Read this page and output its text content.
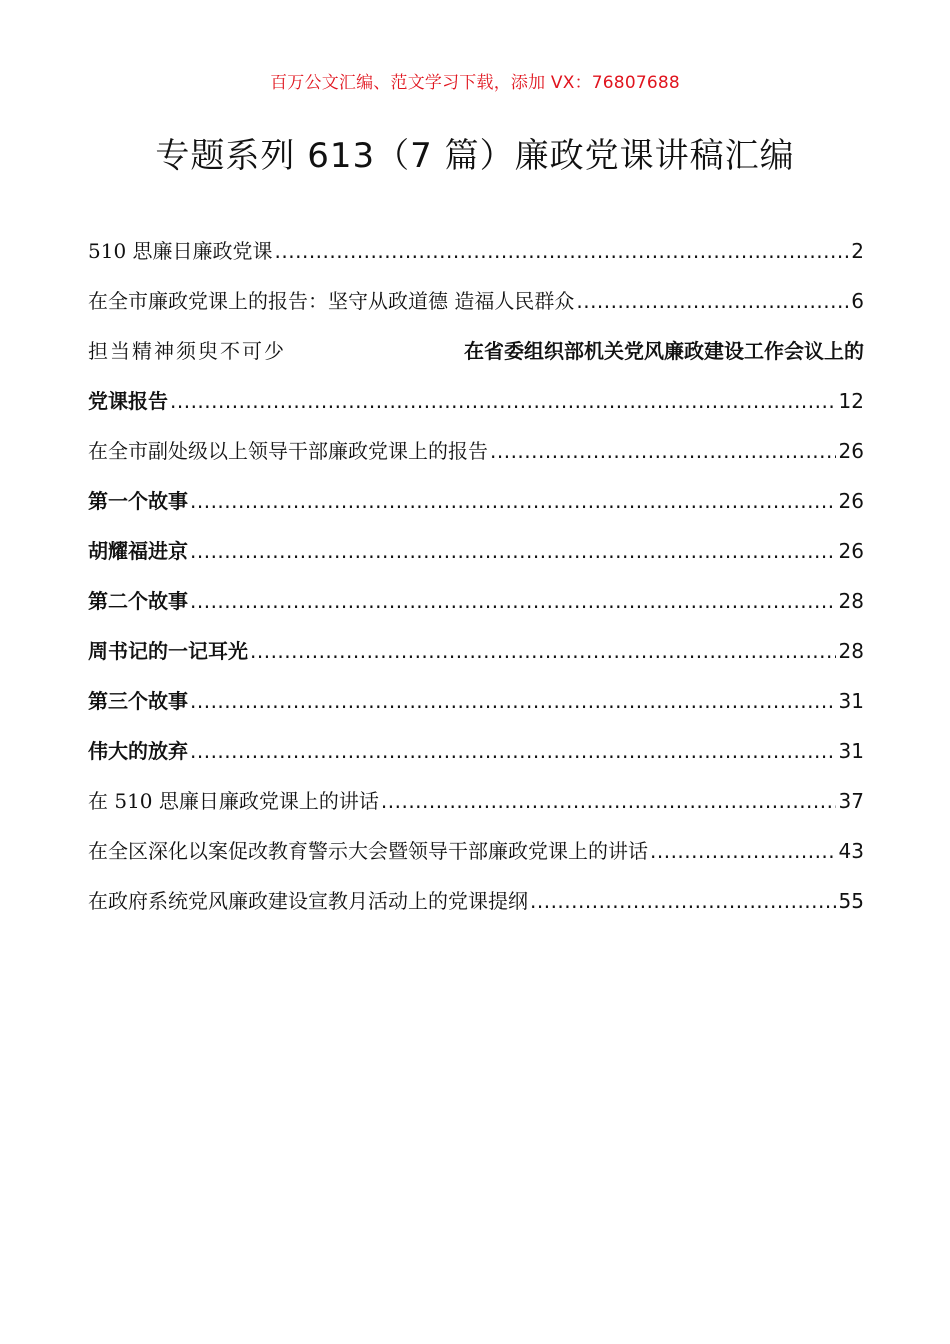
百万公文汇编、范文学习下载，添加 VX：76807688
专题系列 613（7 篇）廉政党课讲稿汇编
510 思廉日廉政党课 .....	2
在全市廉政党课上的报告：坚守从政道德 造福人民群众 .....	6
担当精神须臾不可少	在省委组织部机关党风廉政建设工作会议上的
党课报告 .....	12
在全市副处级以上领导干部廉政党课上的报告 .....	26
第一个故事 .....	26
胡耀福进京 .....	26
第二个故事 .....	28
周书记的一记耳光 .....	28
第三个故事 .....	31
伟大的放弃 .....	31
在 510 思廉日廉政党课上的讲话 .....	37
在全区深化以案促改教育警示大会暨领导干部廉政党课上的讲话 .....	43
在政府系统党风廉政建设宣教月活动上的党课提纲 .....	55
